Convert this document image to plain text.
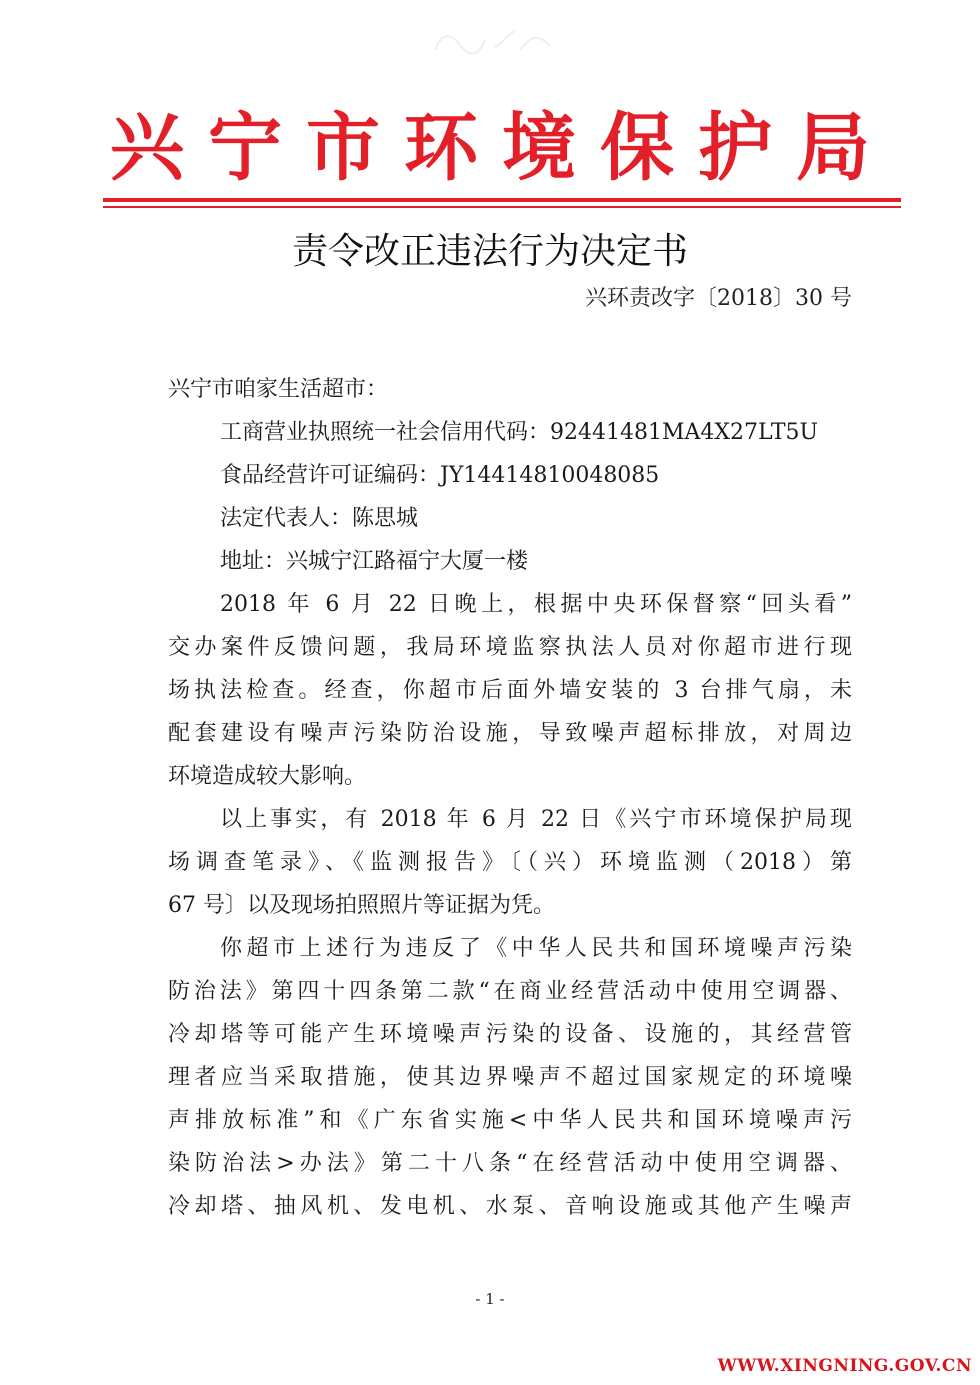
兴宁市环境保护局
责令改正违法行为决定书
兴环责改字〔2018〕30 号
兴宁市咱家生活超市：
工商营业执照统一社会信用代码：92441481MA4X27LT5U
食品经营许可证编码：JY14414810048085
法定代表人：陈思城
地址：兴城宁江路福宁大厦一楼
2018 年 6 月 22 日晚上，根据中央环保督察“回头看”
交办案件反馈问题，我局环境监察执法人员对你超市进行现
场执法检查。经查，你超市后面外墙安装的 3 台排气扇，未
配套建设有噪声污染防治设施，导致噪声超标排放，对周边
环境造成较大影响。
以上事实，有 2018 年 6 月 22 日《兴宁市环境保护局现
场调查笔录》、《监测报告》〔（兴）环境监测（2018）第
67 号〕以及现场拍照照片等证据为凭。
你超市上述行为违反了《中华人民共和国环境噪声污染
防治法》第四十四条第二款“在商业经营活动中使用空调器、
冷却塔等可能产生环境噪声污染的设备、设施的，其经营管
理者应当采取措施，使其边界噪声不超过国家规定的环境噪
声排放标准”和《广东省实施<中华人民共和国环境噪声污
染防治法>办法》第二十八条“在经营活动中使用空调器、
冷却塔、抽风机、发电机、水泵、音响设施或其他产生噪声
- 1 -
WWW.XINGNING.GOV.CN
